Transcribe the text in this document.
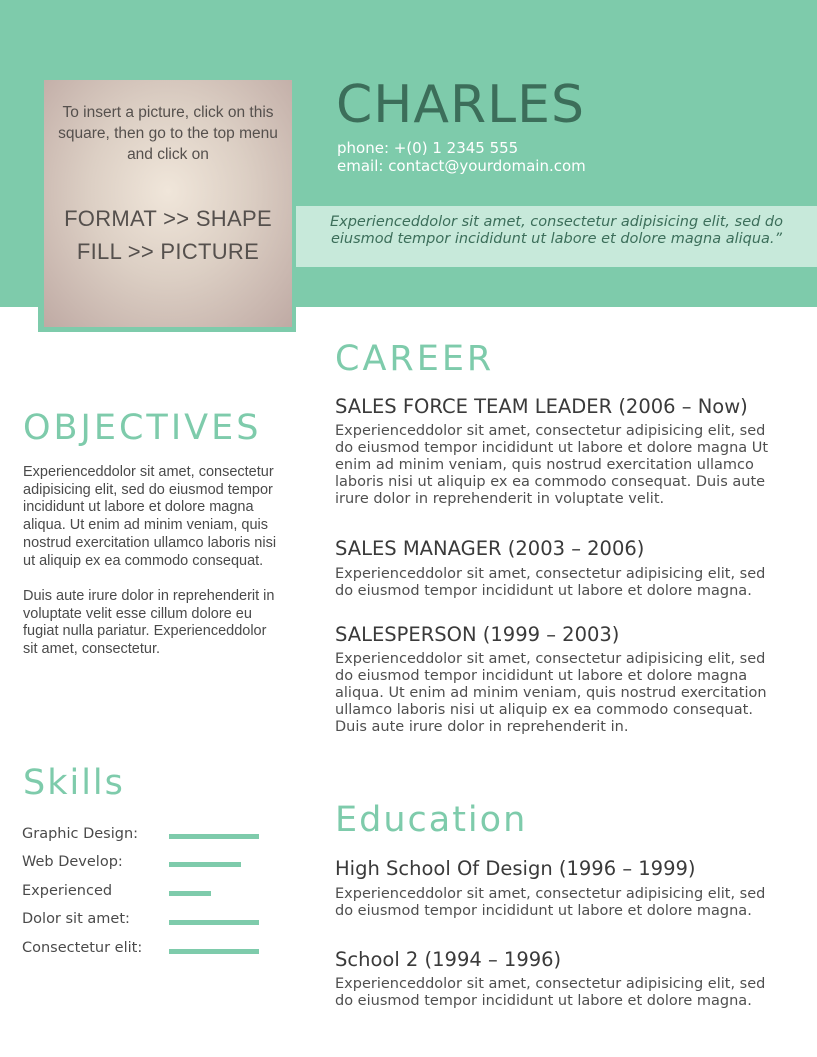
To insert a picture, click on this square, then go to the top menu and click on
FORMAT >> SHAPE FILL >> PICTURE
CHARLES
phone: +(0) 1 2345 555
email: contact@yourdomain.com
Experienceddolor sit amet, consectetur adipisicing elit, sed do eiusmod tempor incididunt ut labore et dolore magna aliqua.”
OBJECTIVES

Experienceddolor sit amet, consectetur adipisicing elit, sed do eiusmod tempor incididunt ut labore et dolore magna aliqua. Ut enim ad minim veniam, quis nostrud exercitation ullamco laboris nisi ut aliquip ex ea commodo consequat.

Duis aute irure dolor in reprehenderit in voluptate velit esse cillum dolore eu fugiat nulla pariatur. Experienceddolor sit amet, consectetur.

Skills
Graphic Design:
Web Develop:
Experienced
Dolor sit amet:
Consectetur elit:
CAREER
SALES FORCE TEAM LEADER (2006 – Now)
Experienceddolor sit amet, consectetur adipisicing elit, sed do eiusmod tempor incididunt ut labore et dolore magna Ut enim ad minim veniam, quis nostrud exercitation ullamco laboris nisi ut aliquip ex ea commodo consequat. Duis aute irure dolor in reprehenderit in voluptate velit.
SALES MANAGER (2003 – 2006)
Experienceddolor sit amet, consectetur adipisicing elit, sed do eiusmod tempor incididunt ut labore et dolore magna.
SALESPERSON (1999 – 2003)
Experienceddolor sit amet, consectetur adipisicing elit, sed do eiusmod tempor incididunt ut labore et dolore magna aliqua. Ut enim ad minim veniam, quis nostrud exercitation ullamco laboris nisi ut aliquip ex ea commodo consequat. Duis aute irure dolor in reprehenderit in.
Education
High School Of Design (1996 – 1999)
Experienceddolor sit amet, consectetur adipisicing elit, sed do eiusmod tempor incididunt ut labore et dolore magna.
School 2 (1994 – 1996)
Experienceddolor sit amet, consectetur adipisicing elit, sed do eiusmod tempor incididunt ut labore et dolore magna.
